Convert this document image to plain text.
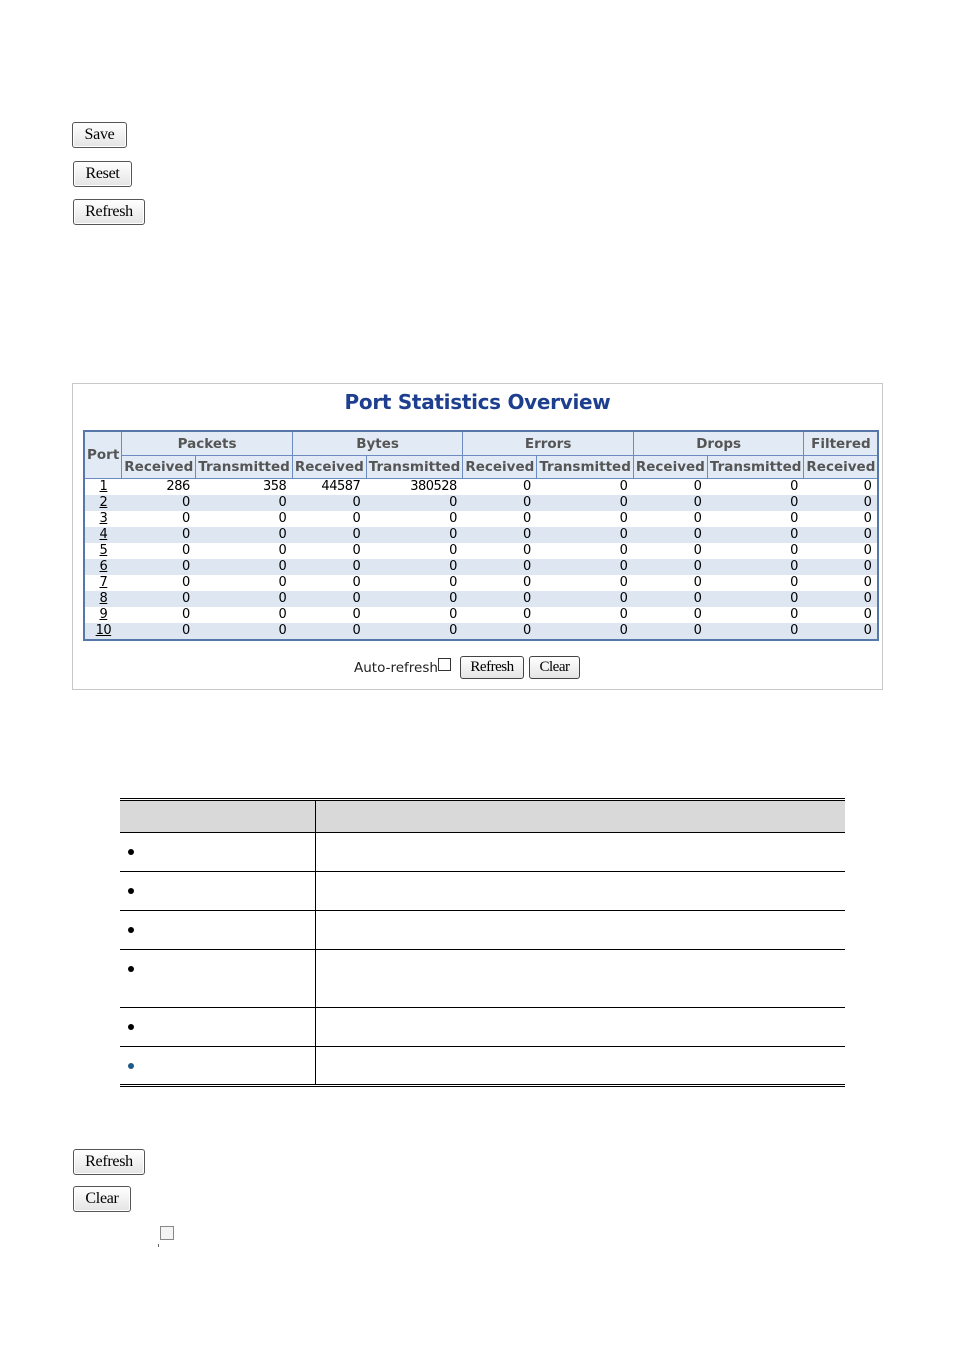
Save
Reset
Refresh
Port Statistics Overview
Port	Packets		Bytes		Errors		Drops		Filtered
	Received	Transmitted	Received	Transmitted	Received	Transmitted	Received	Transmitted	Received
1	286	358	44587	380528	0	0	0	0	0
2	0	0	0	0	0	0	0	0	0
3	0	0	0	0	0	0	0	0	0
4	0	0	0	0	0	0	0	0	0
5	0	0	0	0	0	0	0	0	0
6	0	0	0	0	0	0	0	0	0
7	0	0	0	0	0	0	0	0	0
8	0	0	0	0	0	0	0	0	0
9	0	0	0	0	0	0	0	0	0
10	0	0	0	0	0	0	0	0	0
Auto-refresh	Refresh	Clear

Refresh
Clear
